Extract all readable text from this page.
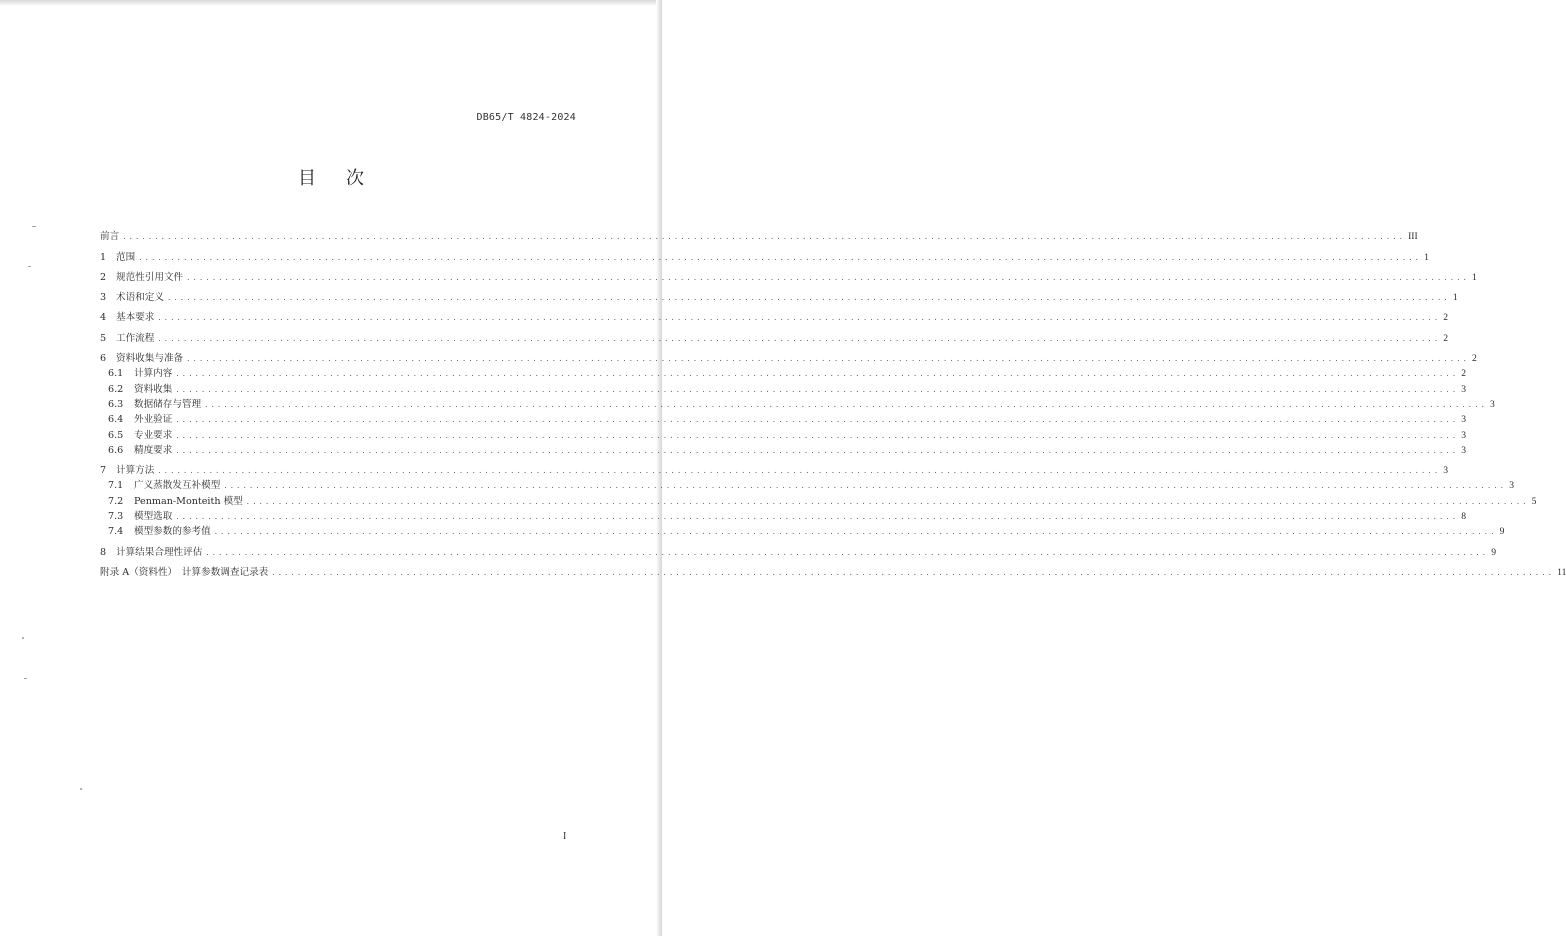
DB65/T 4824-2024
目次
前言 ........................................................................................................................................................................................................ III
1	范围 ........................................................................................................................................................................................................ 1
2	规范性引用文件 ........................................................................................................................................................................................................ 1
3	术语和定义 ........................................................................................................................................................................................................ 1
4	基本要求 ........................................................................................................................................................................................................ 2
5	工作流程 ........................................................................................................................................................................................................ 2
6	资料收集与准备 ........................................................................................................................................................................................................ 2
6.1	计算内容 ........................................................................................................................................................................................................ 2
6.2	资料收集 ........................................................................................................................................................................................................ 3
6.3	数据储存与管理 ........................................................................................................................................................................................................ 3
6.4	外业验证 ........................................................................................................................................................................................................ 3
6.5	专业要求 ........................................................................................................................................................................................................ 3
6.6	精度要求 ........................................................................................................................................................................................................ 3
7	计算方法 ........................................................................................................................................................................................................ 3
7.1	广义蒸散发互补模型 ........................................................................................................................................................................................................ 3
7.2	Penman-Monteith 模型 ........................................................................................................................................................................................................ 5
7.3	模型选取 ........................................................................................................................................................................................................ 8
7.4	模型参数的参考值 ........................................................................................................................................................................................................ 9
8	计算结果合理性评估 ........................................................................................................................................................................................................ 9
附录 A（资料性）　计算参数调查记录表 ........................................................................................................................................................................................................ 11
I
